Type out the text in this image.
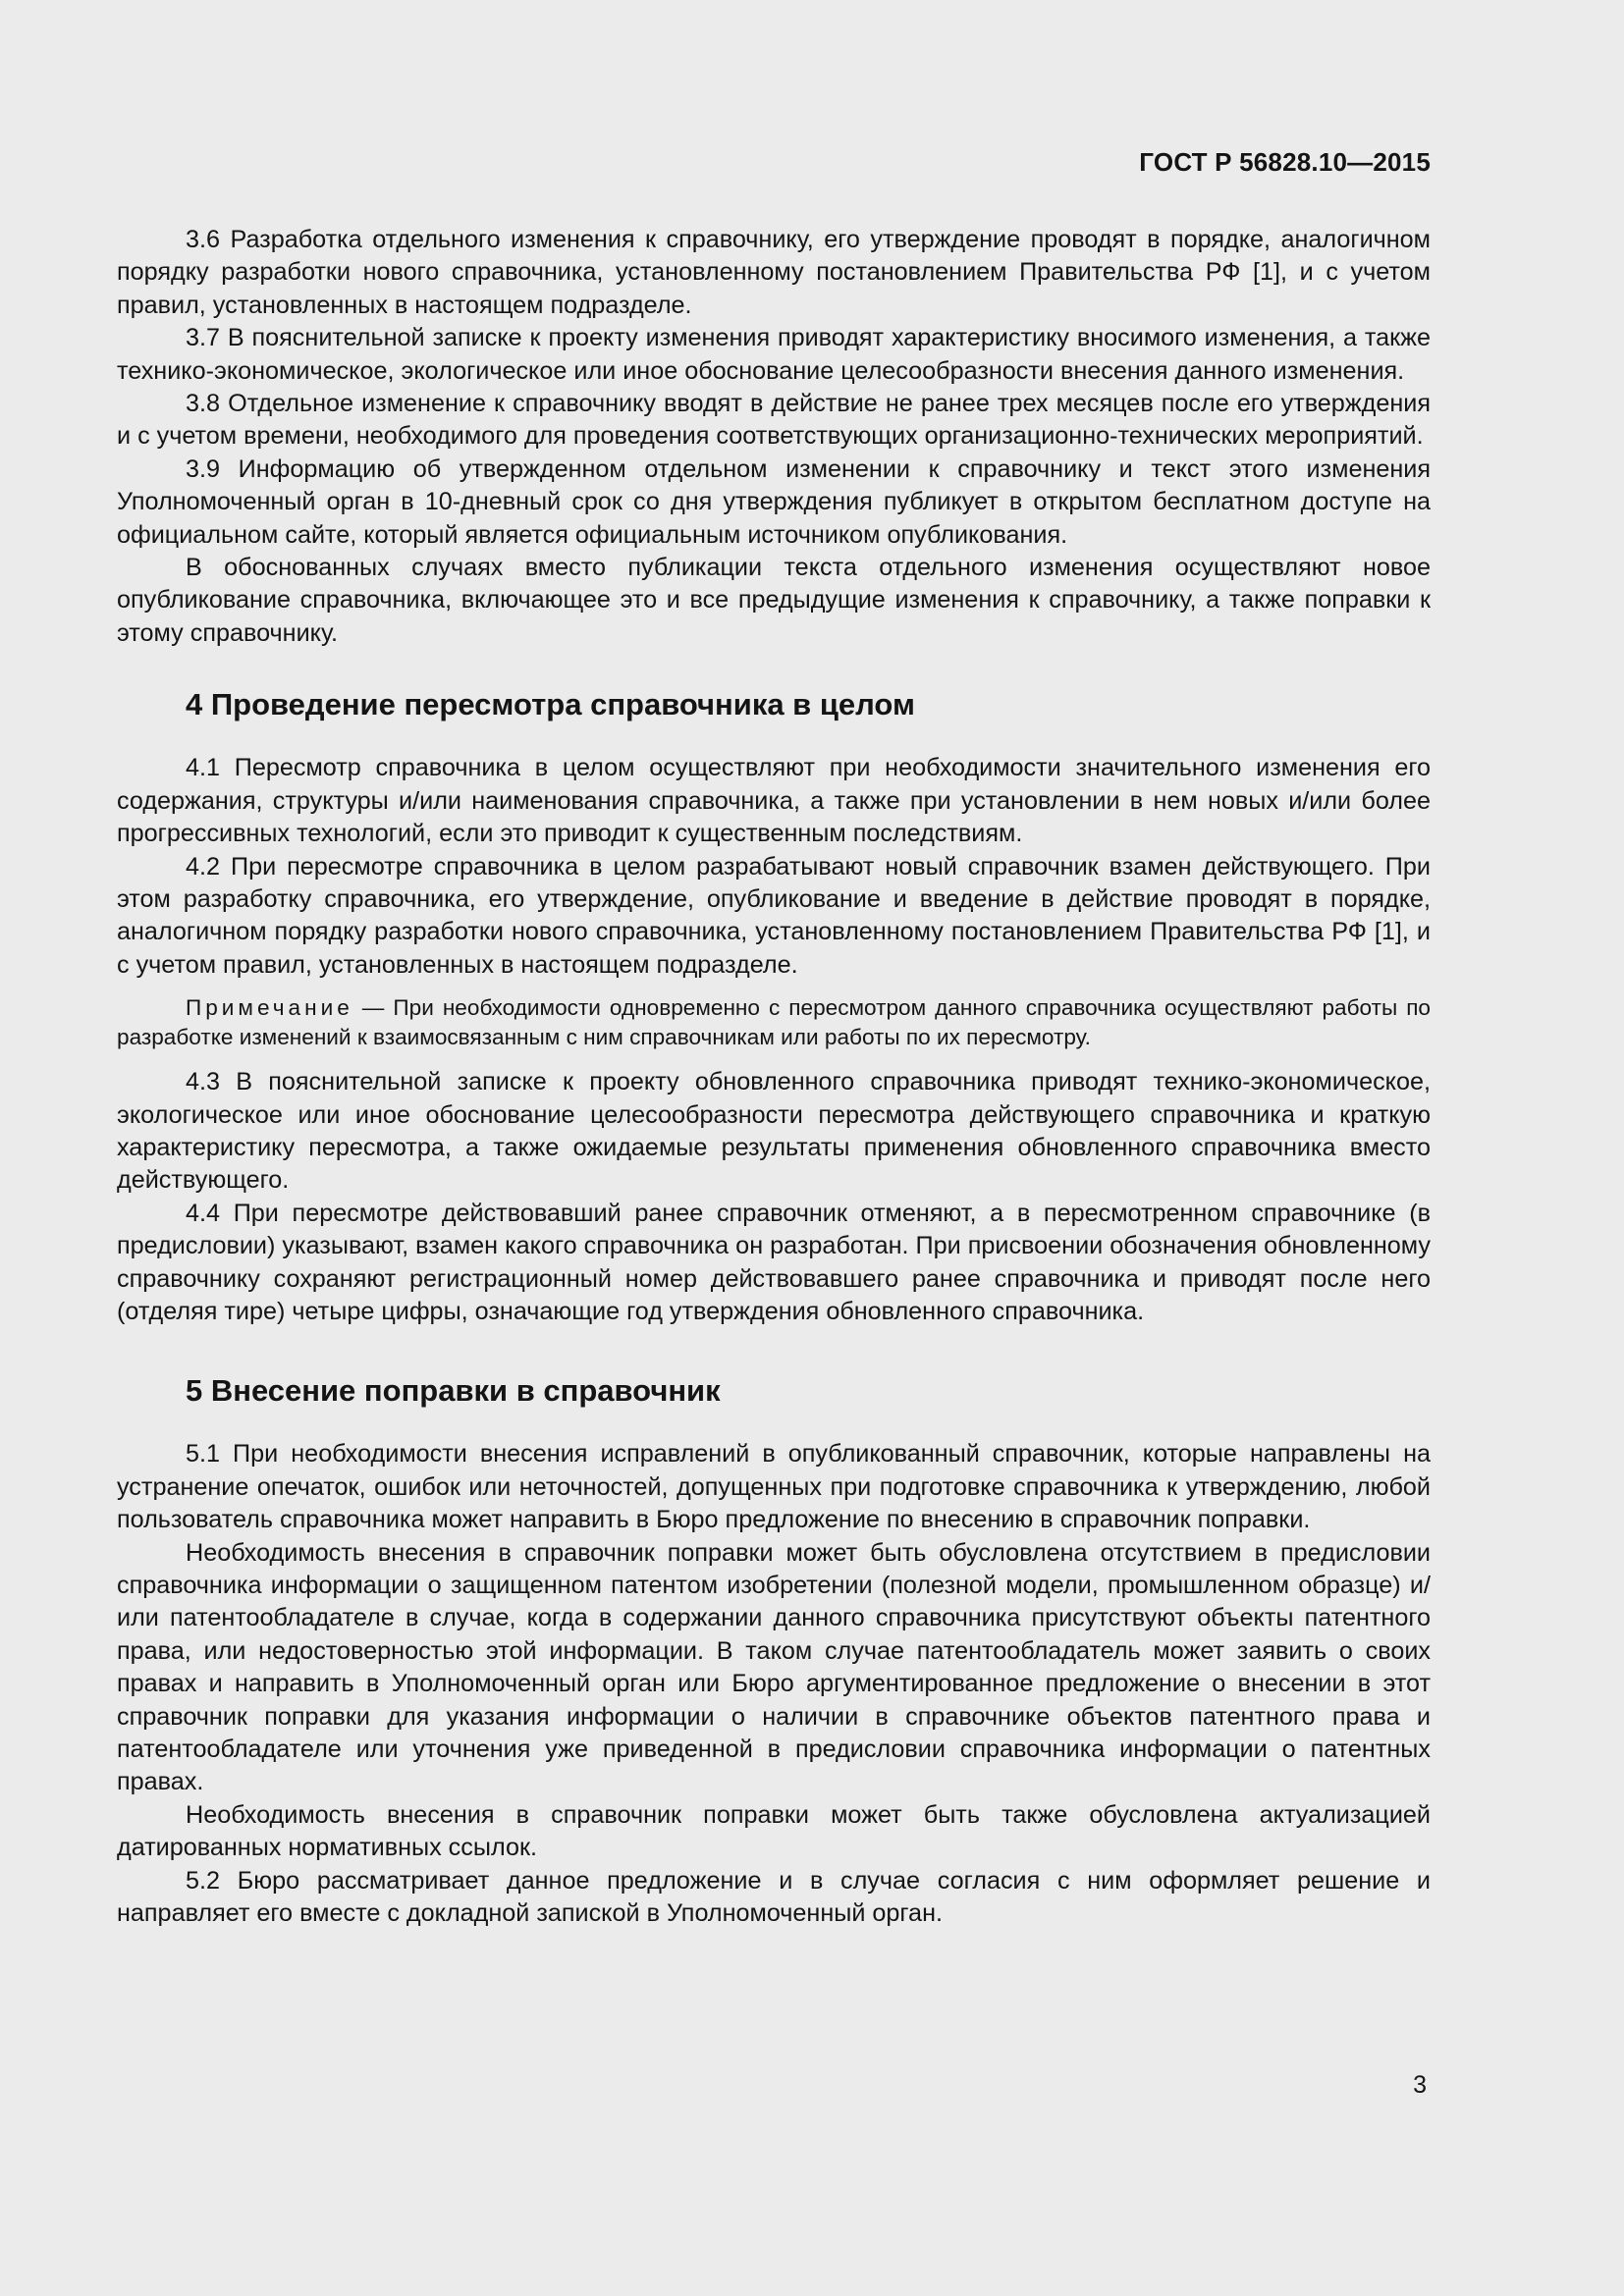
ГОСТ Р 56828.10—2015

3.6 Разработка отдельного изменения к справочнику, его утверждение проводят в порядке, аналогичном порядку разработки нового справочника, установленному постановлением Правительства РФ [1], и с учетом правил, установленных в настоящем подразделе.

3.7 В пояснительной записке к проекту изменения приводят характеристику вносимого изменения, а также технико-экономическое, экологическое или иное обоснование целесообразности внесения данного изменения.

3.8 Отдельное изменение к справочнику вводят в действие не ранее трех месяцев после его утверждения и с учетом времени, необходимого для проведения соответствующих организационно-технических мероприятий.

3.9 Информацию об утвержденном отдельном изменении к справочнику и текст этого изменения Уполномоченный орган в 10-дневный срок со дня утверждения публикует в открытом бесплатном доступе на официальном сайте, который является официальным источником опубликования.

В обоснованных случаях вместо публикации текста отдельного изменения осуществляют новое опубликование справочника, включающее это и все предыдущие изменения к справочнику, а также поправки к этому справочнику.

4 Проведение пересмотра справочника в целом

4.1 Пересмотр справочника в целом осуществляют при необходимости значительного изменения его содержания, структуры и/или наименования справочника, а также при установлении в нем новых и/или более прогрессивных технологий, если это приводит к существенным последствиям.

4.2 При пересмотре справочника в целом разрабатывают новый справочник взамен действующего. При этом разработку справочника, его утверждение, опубликование и введение в действие проводят в порядке, аналогичном порядку разработки нового справочника, установленному постановлением Правительства РФ [1], и с учетом правил, установленных в настоящем подразделе.

Примечание — При необходимости одновременно с пересмотром данного справочника осуществляют работы по разработке изменений к взаимосвязанным с ним справочникам или работы по их пересмотру.

4.3 В пояснительной записке к проекту обновленного справочника приводят технико-экономическое, экологическое или иное обоснование целесообразности пересмотра действующего справочника и краткую характеристику пересмотра, а также ожидаемые результаты применения обновленного справочника вместо действующего.

4.4 При пересмотре действовавший ранее справочник отменяют, а в пересмотренном справочнике (в предисловии) указывают, взамен какого справочника он разработан. При присвоении обозначения обновленному справочнику сохраняют регистрационный номер действовавшего ранее справочника и приводят после него (отделяя тире) четыре цифры, означающие год утверждения обновленного справочника.

5 Внесение поправки в справочник

5.1 При необходимости внесения исправлений в опубликованный справочник, которые направлены на устранение опечаток, ошибок или неточностей, допущенных при подготовке справочника к утверждению, любой пользователь справочника может направить в Бюро предложение по внесению в справочник поправки.

Необходимость внесения в справочник поправки может быть обусловлена отсутствием в предисловии справочника информации о защищенном патентом изобретении (полезной модели, промышленном образце) и/или патентообладателе в случае, когда в содержании данного справочника присутствуют объекты патентного права, или недостоверностью этой информации. В таком случае патентообладатель может заявить о своих правах и направить в Уполномоченный орган или Бюро аргументированное предложение о внесении в этот справочник поправки для указания информации о наличии в справочнике объектов патентного права и патентообладателе или уточнения уже приведенной в предисловии справочника информации о патентных правах.

Необходимость внесения в справочник поправки может быть также обусловлена актуализацией датированных нормативных ссылок.

5.2 Бюро рассматривает данное предложение и в случае согласия с ним оформляет решение и направляет его вместе с докладной запиской в Уполномоченный орган.

3
